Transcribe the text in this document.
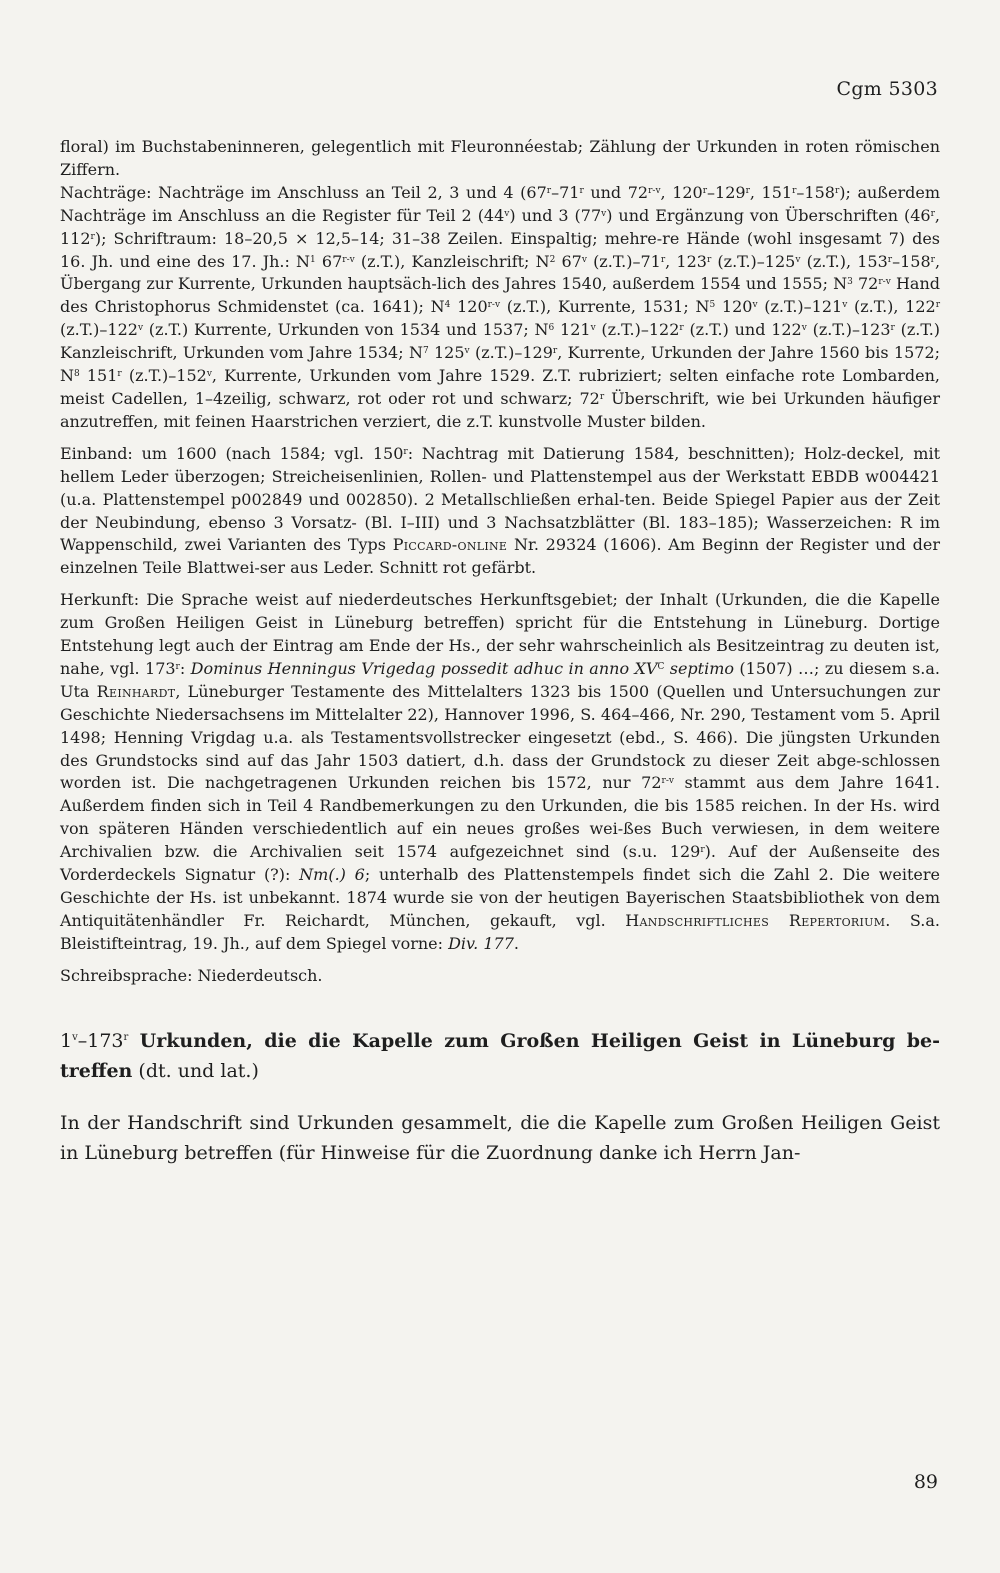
Cgm 5303

floral) im Buchstabeninneren, gelegentlich mit Fleuronnéestab; Zählung der Urkunden in roten römischen Ziffern.

Nachträge: Nachträge im Anschluss an Teil 2, 3 und 4 (67$^r$–71$^r$ und 72$^{r-v}$, 120$^r$–129$^r$, 151$^r$–158$^r$); außerdem Nachträge im Anschluss an die Register für Teil 2 (44$^v$) und 3 (77$^v$) und Ergänzung von Überschriften (46$^r$, 112$^r$); Schriftraum: 18–20,5 × 12,5–14; 31–38 Zeilen. Einspaltig; mehre-re Hände (wohl insgesamt 7) des 16. Jh. und eine des 17. Jh.: $N^1$ 67$^{r-v}$ (z.T.), Kanzleischrift; $N^2$ 67$^v$ (z.T.)–71$^r$, 123$^r$ (z.T.)–125$^v$ (z.T.), 153$^r$–158$^r$, Übergang zur Kurrente, Urkunden hauptsäch-lich des Jahres 1540, außerdem 1554 und 1555; $N^3$ 72$^{r-v}$ Hand des Christophorus Schmidenstet (ca. 1641); $N^4$ 120$^{r-v}$ (z.T.), Kurrente, 1531; $N^5$ 120$^v$ (z.T.)–121$^v$ (z.T.), 122$^r$ (z.T.)–122$^v$ (z.T.) Kurrente, Urkunden von 1534 und 1537; $N^6$ 121$^v$ (z.T.)–122$^r$ (z.T.) und 122$^v$ (z.T.)–123$^r$ (z.T.) Kanzleischrift, Urkunden vom Jahre 1534; $N^7$ 125$^v$ (z.T.)–129$^r$, Kurrente, Urkunden der Jahre 1560 bis 1572; $N^8$ 151$^r$ (z.T.)–152$^v$, Kurrente, Urkunden vom Jahre 1529. Z.T. rubriziert; selten einfache rote Lombarden, meist Cadellen, 1–4zeilig, schwarz, rot oder rot und schwarz; 72$^r$ Überschrift, wie bei Urkunden häufiger anzutreffen, mit feinen Haarstrichen verziert, die z.T. kunstvolle Muster bilden.

Einband: um 1600 (nach 1584; vgl. 150$^r$: Nachtrag mit Datierung 1584, beschnitten); Holz-deckel, mit hellem Leder überzogen; Streicheisenlinien, Rollen- und Plattenstempel aus der Werkstatt EBDB w004421 (u.a. Plattenstempel p002849 und 002850). 2 Metallschließen erhal-ten. Beide Spiegel Papier aus der Zeit der Neubindung, ebenso 3 Vorsatz- (Bl. I–III) und 3 Nachsatzblätter (Bl. 183–185); Wasserzeichen: R im Wappenschild, zwei Varianten des Typs Piccard-online Nr. 29324 (1606). Am Beginn der Register und der einzelnen Teile Blattwei-ser aus Leder. Schnitt rot gefärbt.
Herkunft: Die Sprache weist auf niederdeutsches Herkunftsgebiet; der Inhalt (Urkunden, die die Kapelle zum Großen Heiligen Geist in Lüneburg betreffen) spricht für die Entstehung in Lüneburg. Dortige Entstehung legt auch der Eintrag am Ende der Hs., der sehr wahrscheinlich als Besitzeintrag zu deuten ist, nahe, vgl. 173$^r$: Dominus Henningus Vrigedag possedit adhuc in anno $XV^C$ septimo (1507) …; zu diesem s.a. Uta Reinhardt, Lüneburger Testamente des Mittelalters 1323 bis 1500 (Quellen und Untersuchungen zur Geschichte Niedersachsens im Mittelalter 22), Hannover 1996, S. 464–466, Nr. 290, Testament vom 5. April 1498; Henning Vrigdag u.a. als Testamentsvollstrecker eingesetzt (ebd., S. 466). Die jüngsten Urkunden des Grundstocks sind auf das Jahr 1503 datiert, d.h. dass der Grundstock zu dieser Zeit abge-schlossen worden ist. Die nachgetragenen Urkunden reichen bis 1572, nur 72$^{r-v}$ stammt aus dem Jahre 1641. Außerdem finden sich in Teil 4 Randbemerkungen zu den Urkunden, die bis 1585 reichen. In der Hs. wird von späteren Händen verschiedentlich auf ein neues großes wei-ßes Buch verwiesen, in dem weitere Archivalien bzw. die Archivalien seit 1574 aufgezeichnet sind (s.u. 129$^r$). Auf der Außenseite des Vorderdeckels Signatur (?): Nm(.) 6; unterhalb des Plattenstempels findet sich die Zahl 2. Die weitere Geschichte der Hs. ist unbekannt. 1874 wurde sie von der heutigen Bayerischen Staatsbibliothek von dem Antiquitätenhändler Fr. Reichardt, München, gekauft, vgl. Handschriftliches Repertorium. S.a. Bleistifteintrag, 19. Jh., auf dem Spiegel vorne: Div. 177.
Schreibsprache: Niederdeutsch.
1$^v$–173$^r$ Urkunden, die die Kapelle zum Großen Heiligen Geist in Lüneburg be-treffen (dt. und lat.)
In der Handschrift sind Urkunden gesammelt, die die Kapelle zum Großen Heiligen Geist in Lüneburg betreffen (für Hinweise für die Zuordnung danke ich Herrn Jan-
89
